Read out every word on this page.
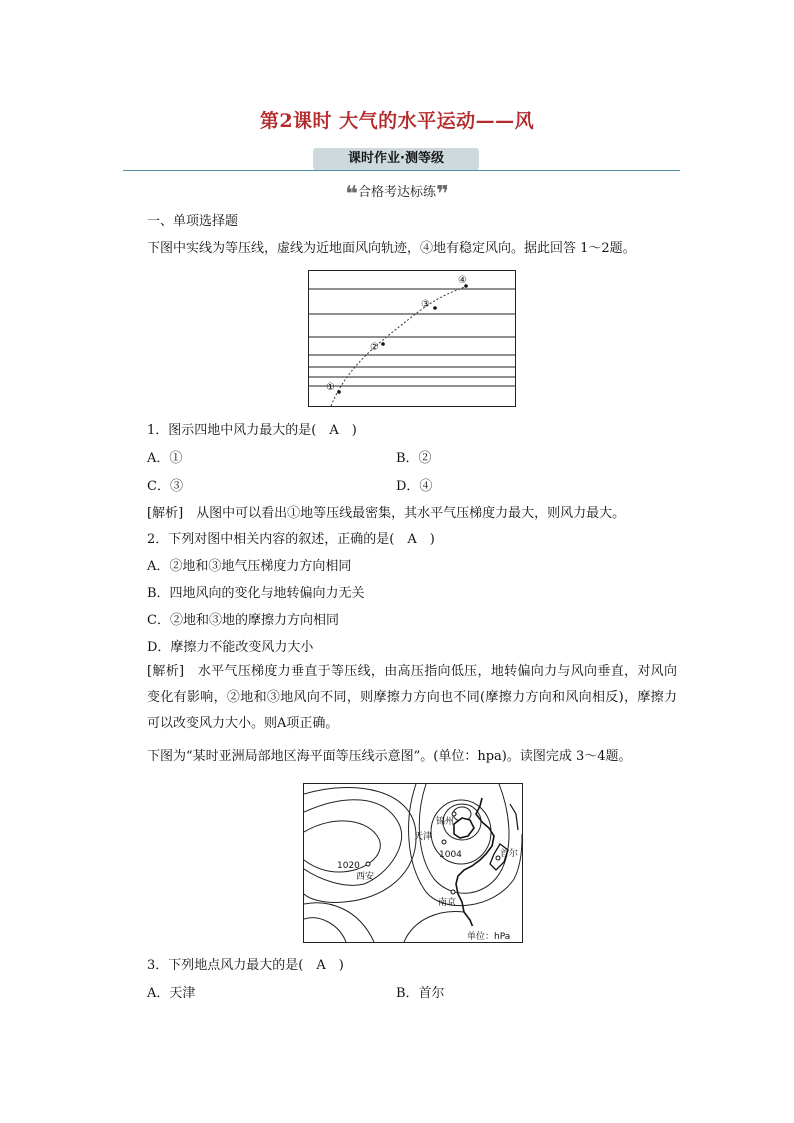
第2课时 大气的水平运动——风
课时作业·测等级
❝合格考达标练❞
一、单项选择题
下图中实线为等压线，虚线为近地面风向轨迹，④地有稳定风向。据此回答 1～2题。
①
②
③
④
1．图示四地中风力最大的是(　A　)
A．①	B．②
C．③	D．④
[解析]　从图中可以看出①地等压线最密集，其水平气压梯度力最大，则风力最大。
2．下列对图中相关内容的叙述，正确的是(　A　)
A．②地和③地气压梯度力方向相同
B．四地风向的变化与地转偏向力无关
C．②地和③地的摩擦力方向相同
D．摩擦力不能改变风力大小
[解析]　水平气压梯度力垂直于等压线，由高压指向低压，地转偏向力与风向垂直，对风向变化有影响，②地和③地风向不同，则摩擦力方向也不同(摩擦力方向和风向相反)，摩擦力可以改变风力大小。则A项正确。
下图为“某时亚洲局部地区海平面等压线示意图”。(单位：hpa)。读图完成 3～4题。
锦州
天津
1004	首尔
1020
西安
南京
单位：hPa
3．下列地点风力最大的是(　A　)
A．天津	B．首尔
